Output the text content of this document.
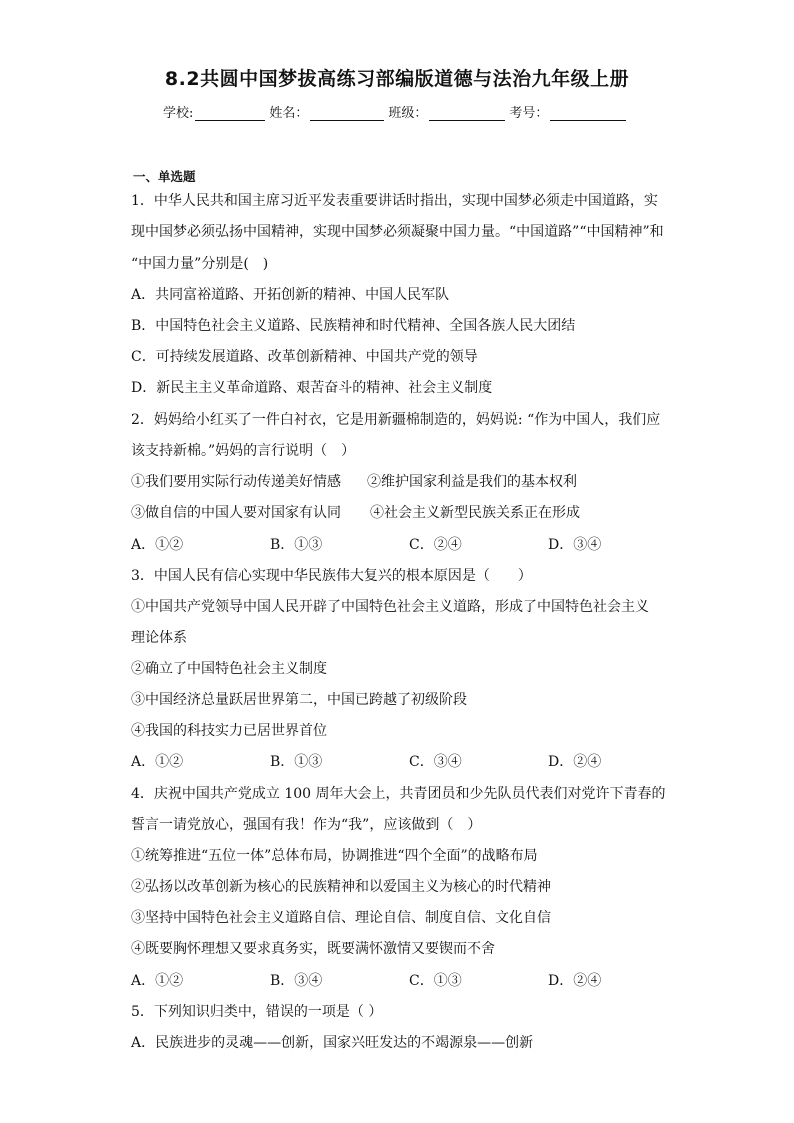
8.2共圆中国梦拔高练习部编版道德与法治九年级上册
学校:	姓名：	班级：	考号：
一、单选题
1．中华人民共和国主席习近平发表重要讲话时指出，实现中国梦必须走中国道路，实
现中国梦必须弘扬中国精神，实现中国梦必须凝聚中国力量。“中国道路”“中国精神”和
“中国力量”分别是(　)
A．共同富裕道路、开拓创新的精神、中国人民军队
B．中国特色社会主义道路、民族精神和时代精神、全国各族人民大团结
C．可持续发展道路、改革创新精神、中国共产党的领导
D．新民主主义革命道路、艰苦奋斗的精神、社会主义制度
2．妈妈给小红买了一件白衬衣，它是用新疆棉制造的，妈妈说: “作为中国人，我们应
该支持新棉。”妈妈的言行说明（　）
①我们要用实际行动传递美好情感 ②维护国家利益是我们的基本权利
③做自信的中国人要对国家有认同 ④社会主义新型民族关系正在形成
A．①②	B．①③	C．②④	D．③④
3．中国人民有信心实现中华民族伟大复兴的根本原因是（　　）
①中国共产党领导中国人民开辟了中国特色社会主义道路，形成了中国特色社会主义
理论体系
②确立了中国特色社会主义制度
③中国经济总量跃居世界第二，中国已跨越了初级阶段
④我国的科技实力已居世界首位
A．①②	B．①③	C．③④	D．②④
4．庆祝中国共产党成立 100 周年大会上，共青团员和少先队员代表们对党许下青春的
誓言一请党放心，强国有我！作为“我”，应该做到（　）
①统筹推进“五位一体”总体布局，协调推进“四个全面”的战略布局
②弘扬以改革创新为核心的民族精神和以爱国主义为核心的时代精神
③坚持中国特色社会主义道路自信、理论自信、制度自信、文化自信
④既要胸怀理想又要求真务实，既要满怀激情又要锲而不舍
A．①②	B．③④	C．①③	D．②④
5．下列知识归类中，错误的一项是（ ）
A．民族进步的灵魂——创新，国家兴旺发达的不竭源泉——创新
